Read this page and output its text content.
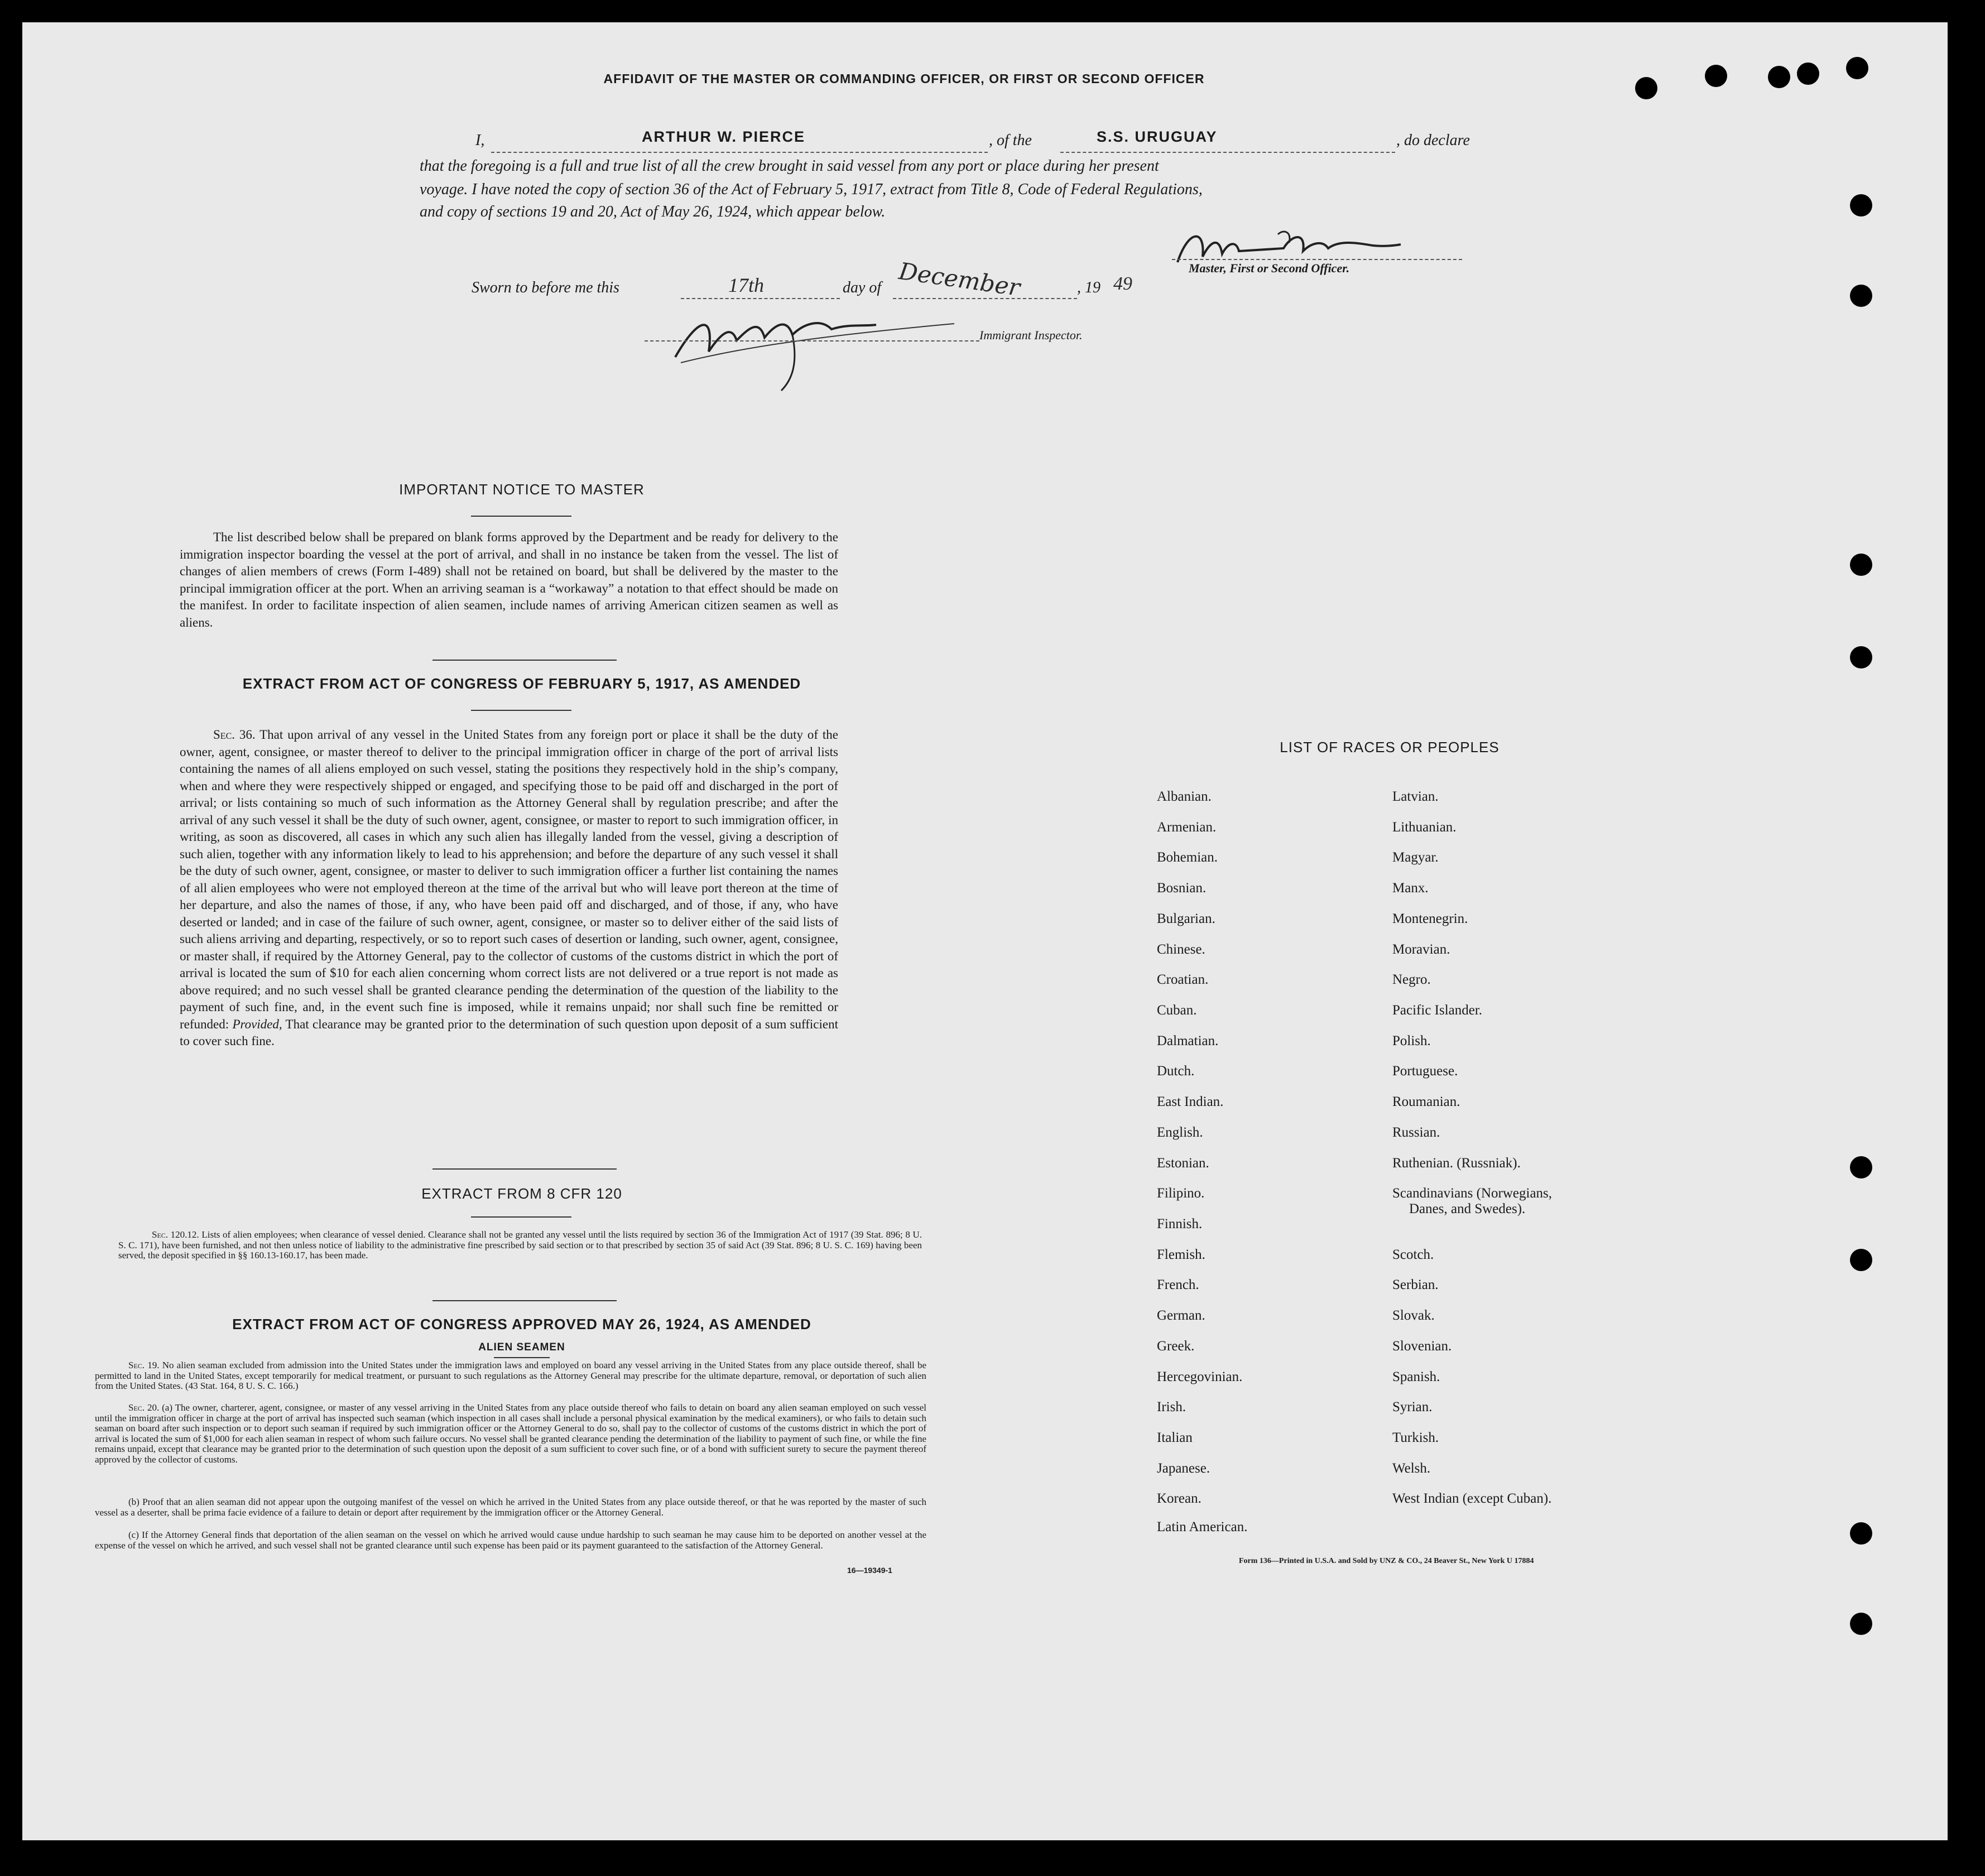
AFFIDAVIT OF THE MASTER OR COMMANDING OFFICER, OR FIRST OR SECOND OFFICER
I,	ARTHUR W. PIERCE	, of the	S.S. URUGUAY	, do declare
that the foregoing is a full and true list of all the crew brought in said vessel from any port or place during her present
voyage. I have noted the copy of section 36 of the Act of February 5, 1917, extract from Title 8, Code of Federal Regulations,
and copy of sections 19 and 20, Act of May 26, 1924, which appear below.
Master, First or Second Officer.
Sworn to before me this	17th	day of December	, 19 49
Immigrant Inspector.
IMPORTANT NOTICE TO MASTER
The list described below shall be prepared on blank forms approved by the Department and be ready for delivery to the immigration inspector boarding the vessel at the port of arrival, and shall in no instance be taken from the vessel. The list of changes of alien members of crews (Form I-489) shall not be retained on board, but shall be delivered by the master to the principal immigration officer at the port. When an arriving seaman is a “workaway” a notation to that effect should be made on the manifest. In order to facilitate inspection of alien seamen, include names of arriving American citizen seamen as well as aliens.
EXTRACT FROM ACT OF CONGRESS OF FEBRUARY 5, 1917, AS AMENDED
Sec. 36. That upon arrival of any vessel in the United States from any foreign port or place it shall be the duty of the owner, agent, consignee, or master thereof to deliver to the principal immigration officer in charge of the port of arrival lists containing the names of all aliens employed on such vessel, stating the positions they respectively hold in the ship’s company, when and where they were respectively shipped or engaged, and specifying those to be paid off and discharged in the port of arrival; or lists containing so much of such information as the Attorney General shall by regulation prescribe; and after the arrival of any such vessel it shall be the duty of such owner, agent, consignee, or master to report to such immigration officer, in writing, as soon as discovered, all cases in which any such alien has illegally landed from the vessel, giving a description of such alien, together with any information likely to lead to his apprehension; and before the departure of any such vessel it shall be the duty of such owner, agent, consignee, or master to deliver to such immigration officer a further list containing the names of all alien employees who were not employed thereon at the time of the arrival but who will leave port thereon at the time of her departure, and also the names of those, if any, who have been paid off and discharged, and of those, if any, who have deserted or landed; and in case of the failure of such owner, agent, consignee, or master so to deliver either of the said lists of such aliens arriving and departing, respectively, or so to report such cases of desertion or landing, such owner, agent, consignee, or master shall, if required by the Attorney General, pay to the collector of customs of the customs district in which the port of arrival is located the sum of $10 for each alien concerning whom correct lists are not delivered or a true report is not made as above required; and no such vessel shall be granted clearance pending the determination of the question of the liability to the payment of such fine, and, in the event such fine is imposed, while it remains unpaid; nor shall such fine be remitted or refunded: Provided, That clearance may be granted prior to the determination of such question upon deposit of a sum sufficient to cover such fine.
EXTRACT FROM 8 CFR 120
Sec. 120.12. Lists of alien employees; when clearance of vessel denied. Clearance shall not be granted any vessel until the lists required by section 36 of the Immigration Act of 1917 (39 Stat. 896; 8 U. S. C. 171), have been furnished, and not then unless notice of liability to the administrative fine prescribed by said section or to that prescribed by section 35 of said Act (39 Stat. 896; 8 U. S. C. 169) having been served, the deposit specified in §§ 160.13-160.17, has been made.
EXTRACT FROM ACT OF CONGRESS APPROVED MAY 26, 1924, AS AMENDED
ALIEN SEAMEN
Sec. 19. No alien seaman excluded from admission into the United States under the immigration laws and employed on board any vessel arriving in the United States from any place outside thereof, shall be permitted to land in the United States, except temporarily for medical treatment, or pursuant to such regulations as the Attorney General may prescribe for the ultimate departure, removal, or deportation of such alien from the United States. (43 Stat. 164, 8 U. S. C. 166.)
Sec. 20. (a) The owner, charterer, agent, consignee, or master of any vessel arriving in the United States from any place outside thereof who fails to detain on board any alien seaman employed on such vessel until the immigration officer in charge at the port of arrival has inspected such seaman (which inspection in all cases shall include a personal physical examination by the medical examiners), or who fails to detain such seaman on board after such inspection or to deport such seaman if required by such immigration officer or the Attorney General to do so, shall pay to the collector of customs of the customs district in which the port of arrival is located the sum of $1,000 for each alien seaman in respect of whom such failure occurs. No vessel shall be granted clearance pending the determination of the liability to payment of such fine, or while the fine remains unpaid, except that clearance may be granted prior to the determination of such question upon the deposit of a sum sufficient to cover such fine, or of a bond with sufficient surety to secure the payment thereof approved by the collector of customs.
(b) Proof that an alien seaman did not appear upon the outgoing manifest of the vessel on which he arrived in the United States from any place outside thereof, or that he was reported by the master of such vessel as a deserter, shall be prima facie evidence of a failure to detain or deport after requirement by the immigration officer or the Attorney General.
(c) If the Attorney General finds that deportation of the alien seaman on the vessel on which he arrived would cause undue hardship to such seaman he may cause him to be deported on another vessel at the expense of the vessel on which he arrived, and such vessel shall not be granted clearance until such expense has been paid or its payment guaranteed to the satisfaction of the Attorney General.
16—19349-1
LIST OF RACES OR PEOPLES
Albanian.
Armenian.
Bohemian.
Bosnian.
Bulgarian.
Chinese.
Croatian.
Cuban.
Dalmatian.
Dutch.
East Indian.
English.
Estonian.
Filipino.
Finnish.
Flemish.
French.
German.
Greek.
Hercegovinian.
Irish.
Italian
Japanese.
Korean.
Latin American.
Latvian.
Lithuanian.
Magyar.
Manx.
Montenegrin.
Moravian.
Negro.
Pacific Islander.
Polish.
Portuguese.
Roumanian.
Russian.
Ruthenian. (Russniak).
Scandinavians (Norwegians,
Danes, and Swedes).
Scotch.
Serbian.
Slovak.
Slovenian.
Spanish.
Syrian.
Turkish.
Welsh.
West Indian (except Cuban).
Form 136—Printed in U.S.A. and Sold by UNZ & CO., 24 Beaver St., New York U 17884
